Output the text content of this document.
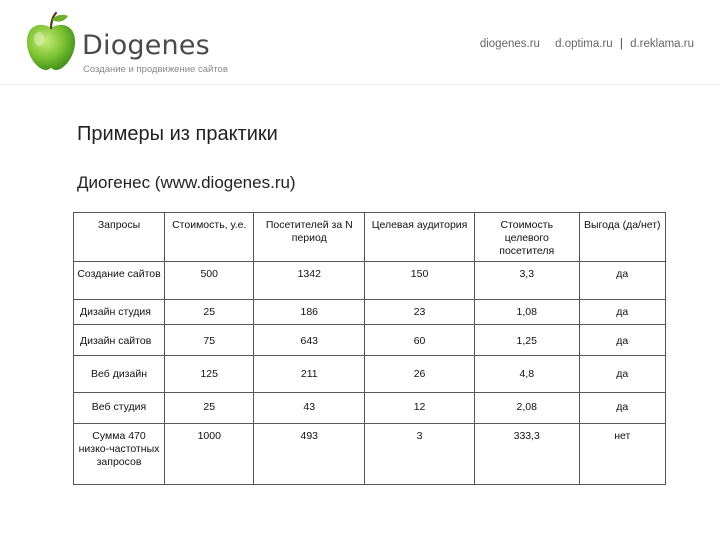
Diogenes
Создание и продвижение сайтов
diogenes.ru d.optima.ru | d.reklama.ru
Примеры из практики
Диогенес (www.diogenes.ru)
Запросы	Стоимость, у.е.	Посетителей за N период	Целевая аудитория	Стоимость целевого посетителя	Выгода (да/нет)
Создание сайтов	500	1342	150	3,3	да
Дизайн студия	25	186	23	1,08	да
Дизайн сайтов	75	643	60	1,25	да
Веб дизайн	125	211	26	4,8	да
Веб студия	25	43	12	2,08	да
Сумма 470 низко-частотных запросов	1000	493	3	333,3	нет
